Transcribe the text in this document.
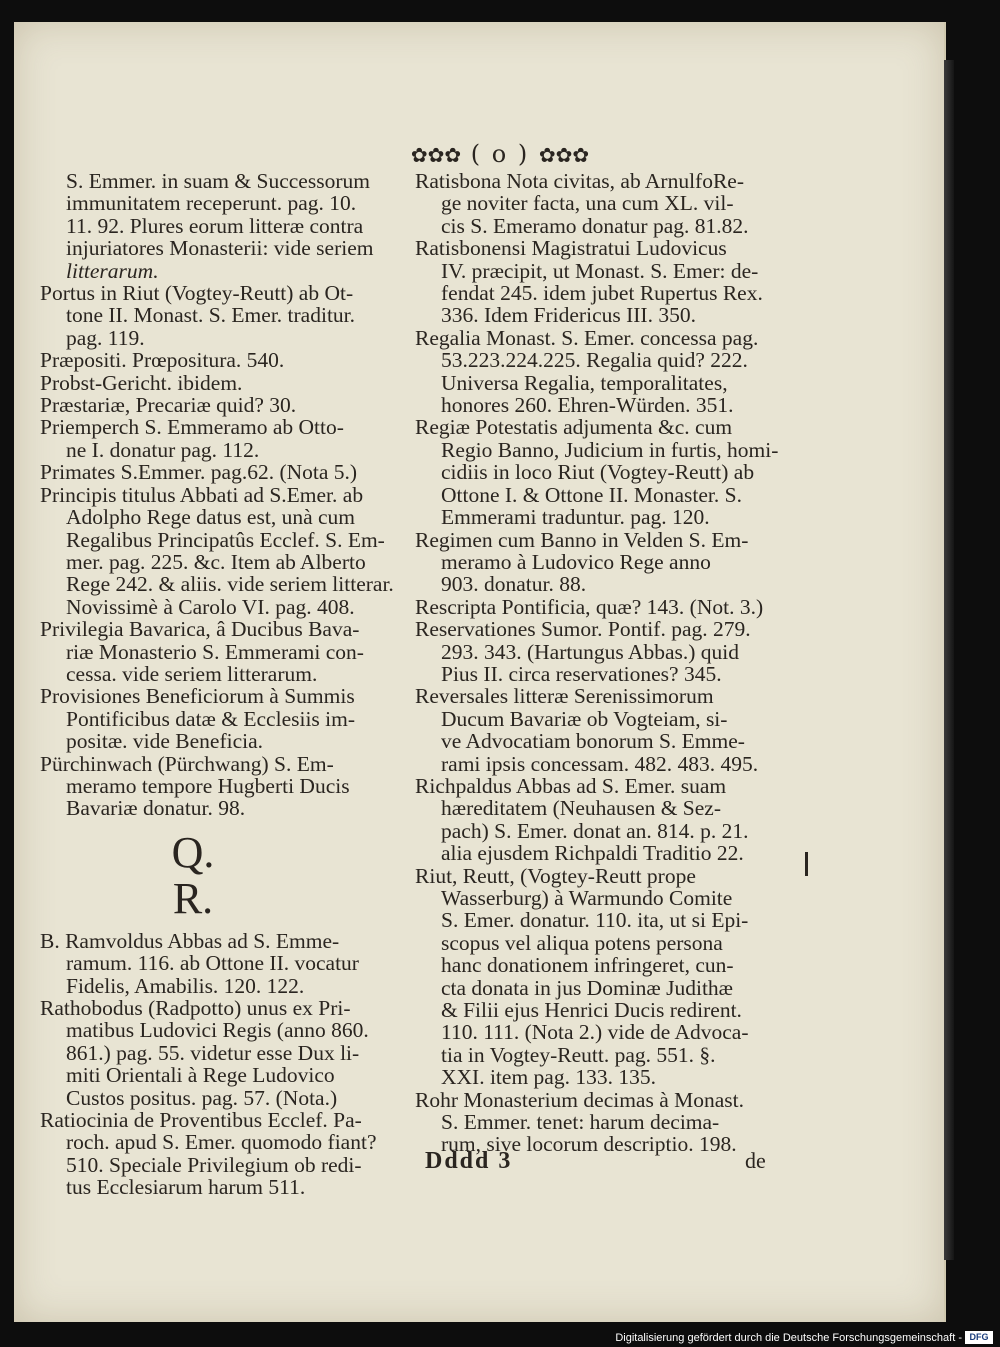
✿✿✿ ( o ) ✿✿✿
S. Emmer. in suam & Successorum
immunitatem receperunt. pag. 10.
11. 92. Plures eorum litteræ contra
injuriatores Monasterii: vide seriem
litterarum.
Portus in Riut (Vogtey-Reutt) ab Ot-
tone II. Monast. S. Emer. traditur.
pag. 119.
Præpositi. Prœpositura. 540.
Probst-Gericht. ibidem.
Præstariæ, Precariæ quid? 30.
Priemperch S. Emmeramo ab Otto-
ne I. donatur pag. 112.
Primates S.Emmer. pag.62. (Nota 5.)
Principis titulus Abbati ad S.Emer. ab
Adolpho Rege datus est, unà cum
Regalibus Principatûs Ecclef. S. Em-
mer. pag. 225. &c. Item ab Alberto
Rege 242. & aliis. vide seriem litterar.
Novissimè à Carolo VI. pag. 408.
Privilegia Bavarica, â Ducibus Bava-
riæ Monasterio S. Emmerami con-
cessa. vide seriem litterarum.
Provisiones Beneficiorum à Summis
Pontificibus datæ & Ecclesiis im-
positæ. vide Beneficia.
Pürchinwach (Pürchwang) S. Em-
meramo tempore Hugberti Ducis
Bavariæ donatur. 98.
Q.
R.
B. Ramvoldus Abbas ad S. Emme-
ramum. 116. ab Ottone II. vocatur
Fidelis, Amabilis. 120. 122.
Rathobodus (Radpotto) unus ex Pri-
matibus Ludovici Regis (anno 860.
861.) pag. 55. videtur esse Dux li-
miti Orientali à Rege Ludovico
Custos positus. pag. 57. (Nota.)
Ratiocinia de Proventibus Ecclef. Pa-
roch. apud S. Emer. quomodo fiant?
510. Speciale Privilegium ob redi-
tus Ecclesiarum harum 511.
Ratisbona Nota civitas, ab ArnulfoRe-
ge noviter facta, una cum XL. vil-
cis S. Emeramo donatur pag. 81.82.
Ratisbonensi Magistratui Ludovicus
IV. præcipit, ut Monast. S. Emer: de-
fendat 245. idem jubet Rupertus Rex.
336. Idem Fridericus III. 350.
Regalia Monast. S. Emer. concessa pag.
53.223.224.225. Regalia quid? 222.
Universa Regalia, temporalitates,
honores 260. Ehren-Würden. 351.
Regiæ Potestatis adjumenta &c. cum
Regio Banno, Judicium in furtis, homi-
cidiis in loco Riut (Vogtey-Reutt) ab
Ottone I. & Ottone II. Monaster. S.
Emmerami traduntur. pag. 120.
Regimen cum Banno in Velden S. Em-
meramo à Ludovico Rege anno
903. donatur. 88.
Rescripta Pontificia, quæ? 143. (Not. 3.)
Reservationes Sumor. Pontif. pag. 279.
293. 343. (Hartungus Abbas.) quid
Pius II. circa reservationes? 345.
Reversales litteræ Serenissimorum
Ducum Bavariæ ob Vogteiam, si-
ve Advocatiam bonorum S. Emme-
rami ipsis concessam. 482. 483. 495.
Richpaldus Abbas ad S. Emer. suam
hæreditatem (Neuhausen & Sez-
pach) S. Emer. donat an. 814. p. 21.
alia ejusdem Richpaldi Traditio 22.
Riut, Reutt, (Vogtey-Reutt prope
Wasserburg) à Warmundo Comite
S. Emer. donatur. 110. ita, ut si Epi-
scopus vel aliqua potens persona
hanc donationem infringeret, cun-
cta donata in jus Dominæ Judithæ
& Filii ejus Henrici Ducis redirent.
110. 111. (Nota 2.) vide de Advoca-
tia in Vogtey-Reutt. pag. 551. §.
XXI. item pag. 133. 135.
Rohr Monasterium decimas à Monast.
S. Emmer. tenet: harum decima-
rum, sive locorum descriptio. 198.
Dddd 3	de
Digitalisierung gefördert durch die Deutsche Forschungsgemeinschaft - DFG
